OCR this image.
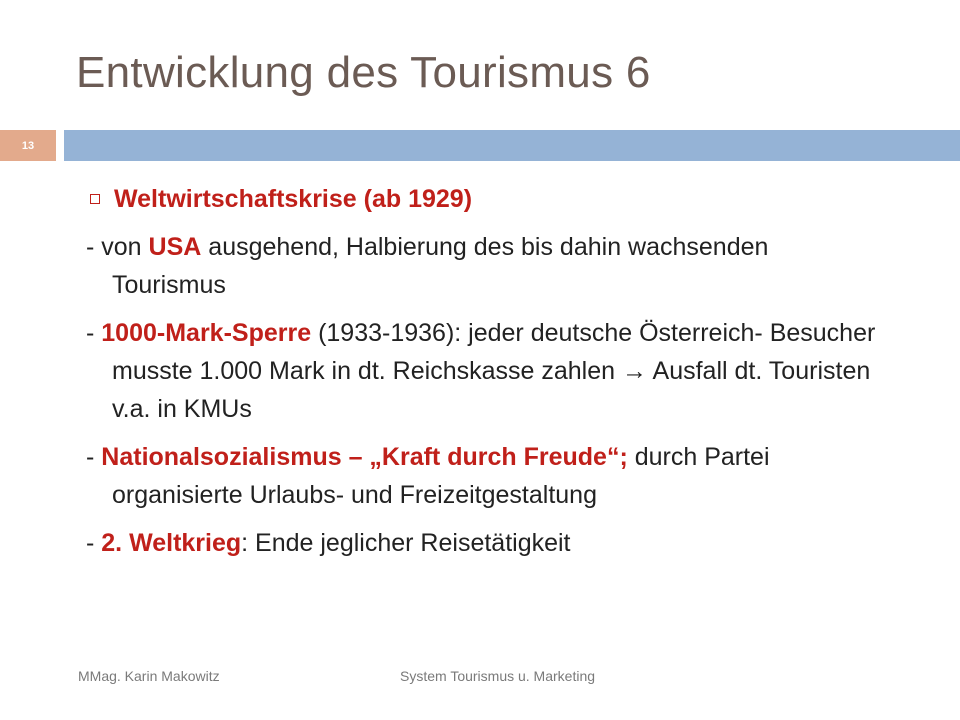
Entwicklung des Tourismus 6
13
Weltwirtschaftskrise (ab 1929)
- von USA ausgehend, Halbierung des bis dahin wachsenden Tourismus
- 1000-Mark-Sperre (1933-1936): jeder deutsche Österreich- Besucher musste 1.000 Mark in dt. Reichskasse zahlen → Ausfall dt. Touristen v.a. in KMUs
- Nationalsozialismus – „Kraft durch Freude“; durch Partei organisierte Urlaubs- und Freizeitgestaltung
- 2. Weltkrieg: Ende jeglicher Reisetätigkeit
MMag. Karin Makowitz	System Tourismus u. Marketing
